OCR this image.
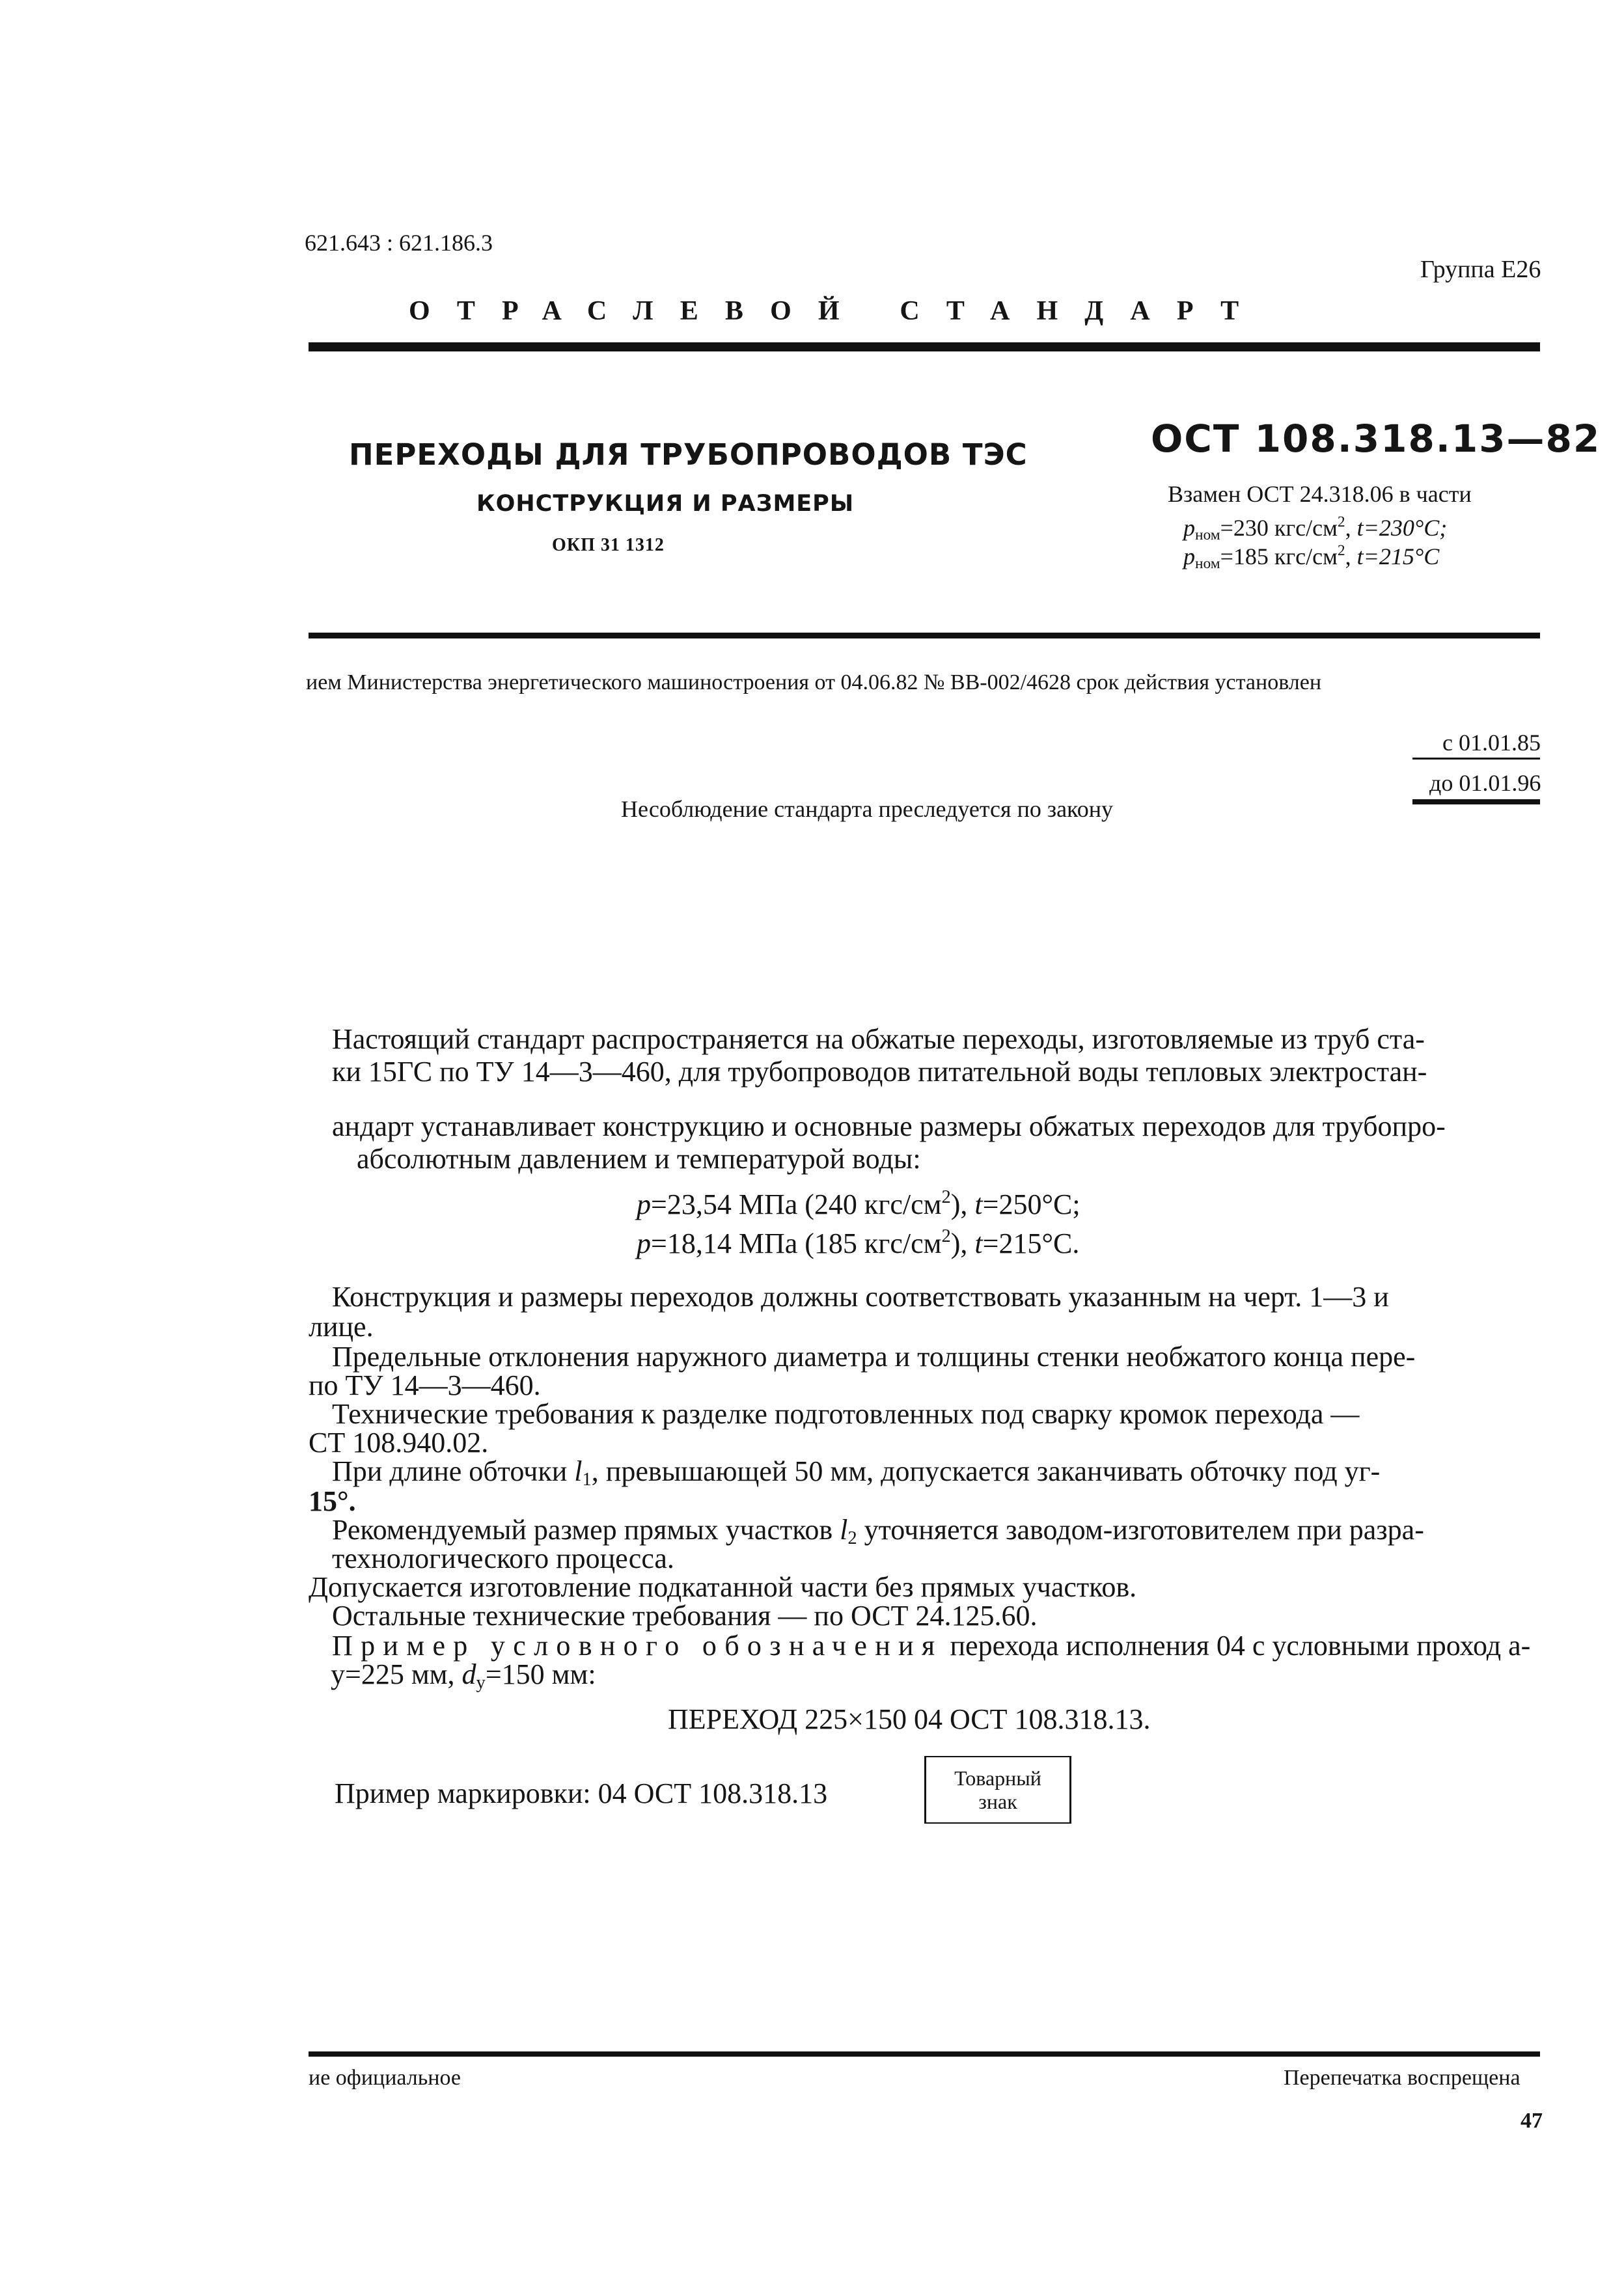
621.643 : 621.186.3
Группа Е26
ОТРАСЛЕВОЙ СТАНДАРТ
ПЕРЕХОДЫ ДЛЯ ТРУБОПРОВОДОВ ТЭС
КОНСТРУКЦИЯ И РАЗМЕРЫ
ОКП 31 1312
ОСТ 108.318.13—82
Взамен ОСТ 24.318.06 в части
$p_{ном}=230$ кгс/$см^2$, t=230°C;
$p_{ном}=185$ кгс/$см^2$, t=215°C
ием Министерства энергетического машиностроения от 04.06.82 № ВВ-002/4628 срок действия установлен
с 01.01.85
до 01.01.96
Несоблюдение стандарта преследуется по закону
Настоящий стандарт распространяется на обжатые переходы, изготовляемые из труб ста-
ки 15ГС по ТУ 14—3—460, для трубопроводов питательной воды тепловых электростан-
андарт устанавливает конструкцию и основные размеры обжатых переходов для трубопро-
абсолютным давлением и температурой воды:
p=23,54 МПа (240 кгс/$см^2$), t=250°С;
p=18,14 МПа (185 кгс/$см^2$), t=215°С.
Конструкция и размеры переходов должны соответствовать указанным на черт. 1—3 и
лице.
Предельные отклонения наружного диаметра и толщины стенки необжатого конца пере-
по ТУ 14—3—460.
Технические требования к разделке подготовленных под сварку кромок перехода —
СТ 108.940.02.
При длине обточки $l_1$, превышающей 50 мм, допускается заканчивать обточку под уг-
15°.
Рекомендуемый размер прямых участков $l_2$ уточняется заводом-изготовителем при разра-
технологического процесса.
Допускается изготовление подкатанной части без прямых участков.
Остальные технические требования — по ОСТ 24.125.60.
Пример условного обозначения перехода исполнения 04 с условными проход а-
у=225 мм, $d_у=150$ мм:
ПЕРЕХОД 225×150 04 ОСТ 108.318.13.
Пример маркировки: 04 ОСТ 108.318.13	Товарный
знак
ие официальное	Перепечатка воспрещена
47
